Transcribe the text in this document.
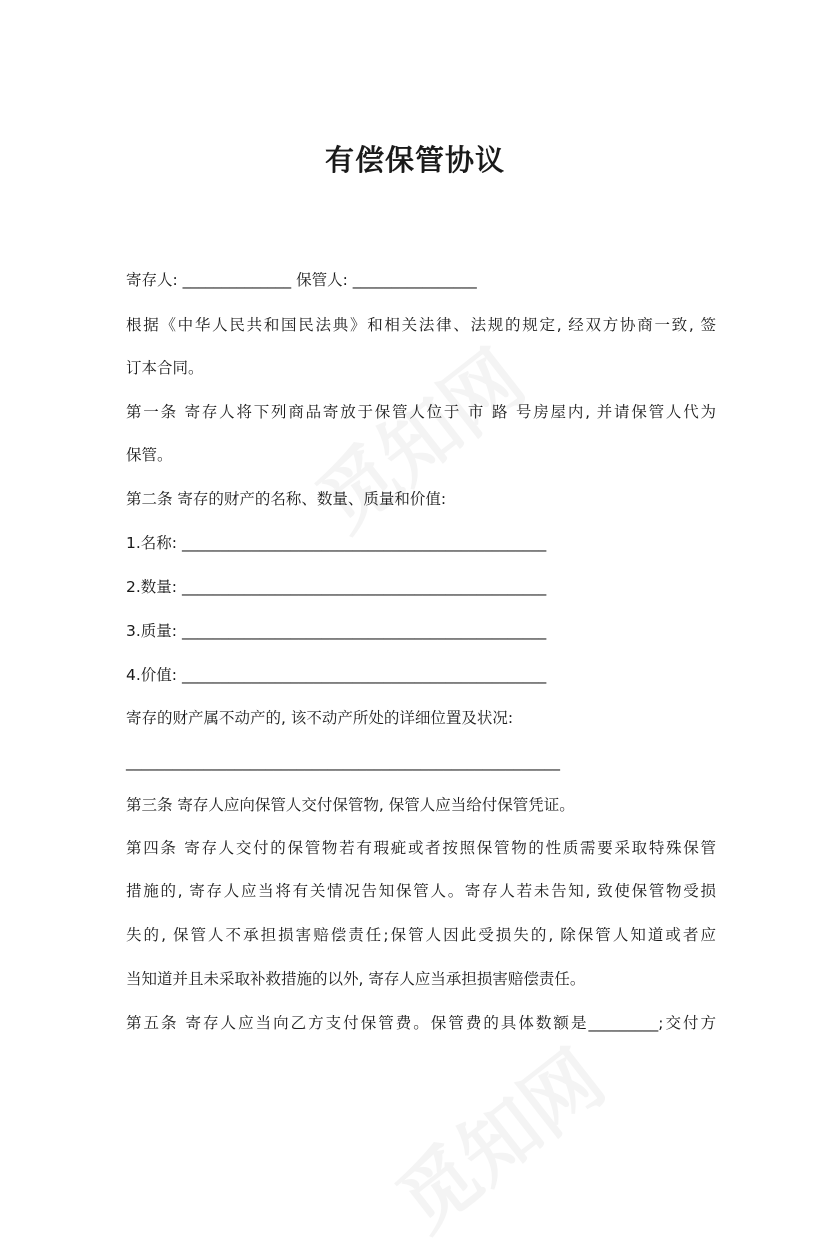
有偿保管协议
寄存人: ______________ 保管人: ________________
根据《中华人民共和国民法典》和相关法律、法规的规定, 经双方协商一致, 签
订本合同。
第一条 寄存人将下列商品寄放于保管人位于 市 路 号房屋内, 并请保管人代为
保管。
第二条 寄存的财产的名称、数量、质量和价值:
1.名称: _______________________________________________
2.数量: _______________________________________________
3.质量: _______________________________________________
4.价值: _______________________________________________
寄存的财产属不动产的, 该不动产所处的详细位置及状况:
________________________________________________________
第三条 寄存人应向保管人交付保管物, 保管人应当给付保管凭证。
第四条 寄存人交付的保管物若有瑕疵或者按照保管物的性质需要采取特殊保管
措施的, 寄存人应当将有关情况告知保管人。寄存人若未告知, 致使保管物受损
失的, 保管人不承担损害赔偿责任;保管人因此受损失的, 除保管人知道或者应
当知道并且未采取补救措施的以外, 寄存人应当承担损害赔偿责任。
第五条 寄存人应当向乙方支付保管费。保管费的具体数额是_________;交付方
